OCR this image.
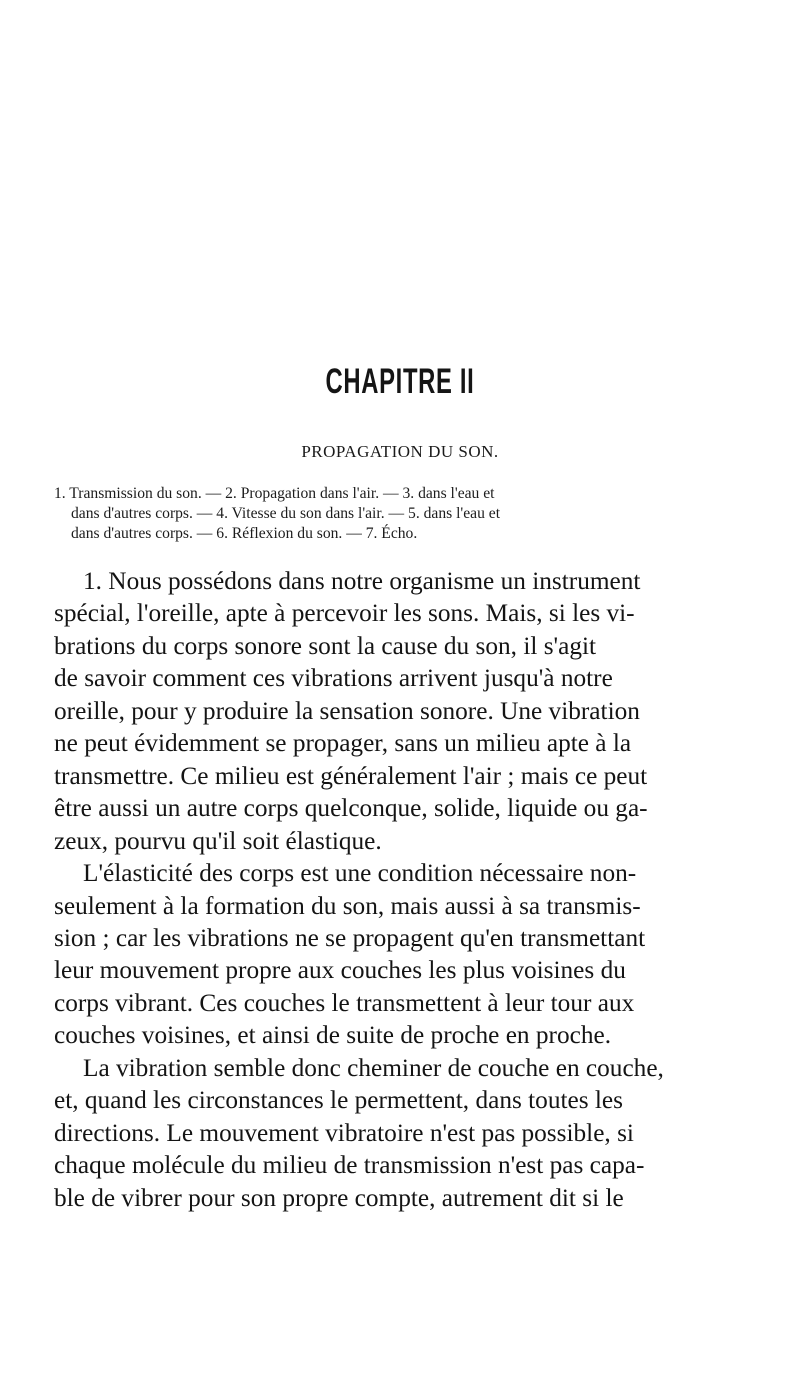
CHAPITRE II
PROPAGATION DU SON.
1. Transmission du son. — 2. Propagation dans l'air. — 3. dans l'eau et
dans d'autres corps. — 4. Vitesse du son dans l'air. — 5. dans l'eau et
dans d'autres corps. — 6. Réflexion du son. — 7. Écho.
1. Nous possédons dans notre organisme un instrument
spécial, l'oreille, apte à percevoir les sons. Mais, si les vi-
brations du corps sonore sont la cause du son, il s'agit
de savoir comment ces vibrations arrivent jusqu'à notre
oreille, pour y produire la sensation sonore. Une vibration
ne peut évidemment se propager, sans un milieu apte à la
transmettre. Ce milieu est généralement l'air ; mais ce peut
être aussi un autre corps quelconque, solide, liquide ou ga-
zeux, pourvu qu'il soit élastique.
L'élasticité des corps est une condition nécessaire non-
seulement à la formation du son, mais aussi à sa transmis-
sion ; car les vibrations ne se propagent qu'en transmettant
leur mouvement propre aux couches les plus voisines du
corps vibrant. Ces couches le transmettent à leur tour aux
couches voisines, et ainsi de suite de proche en proche.
La vibration semble donc cheminer de couche en couche,
et, quand les circonstances le permettent, dans toutes les
directions. Le mouvement vibratoire n'est pas possible, si
chaque molécule du milieu de transmission n'est pas capa-
ble de vibrer pour son propre compte, autrement dit si le
